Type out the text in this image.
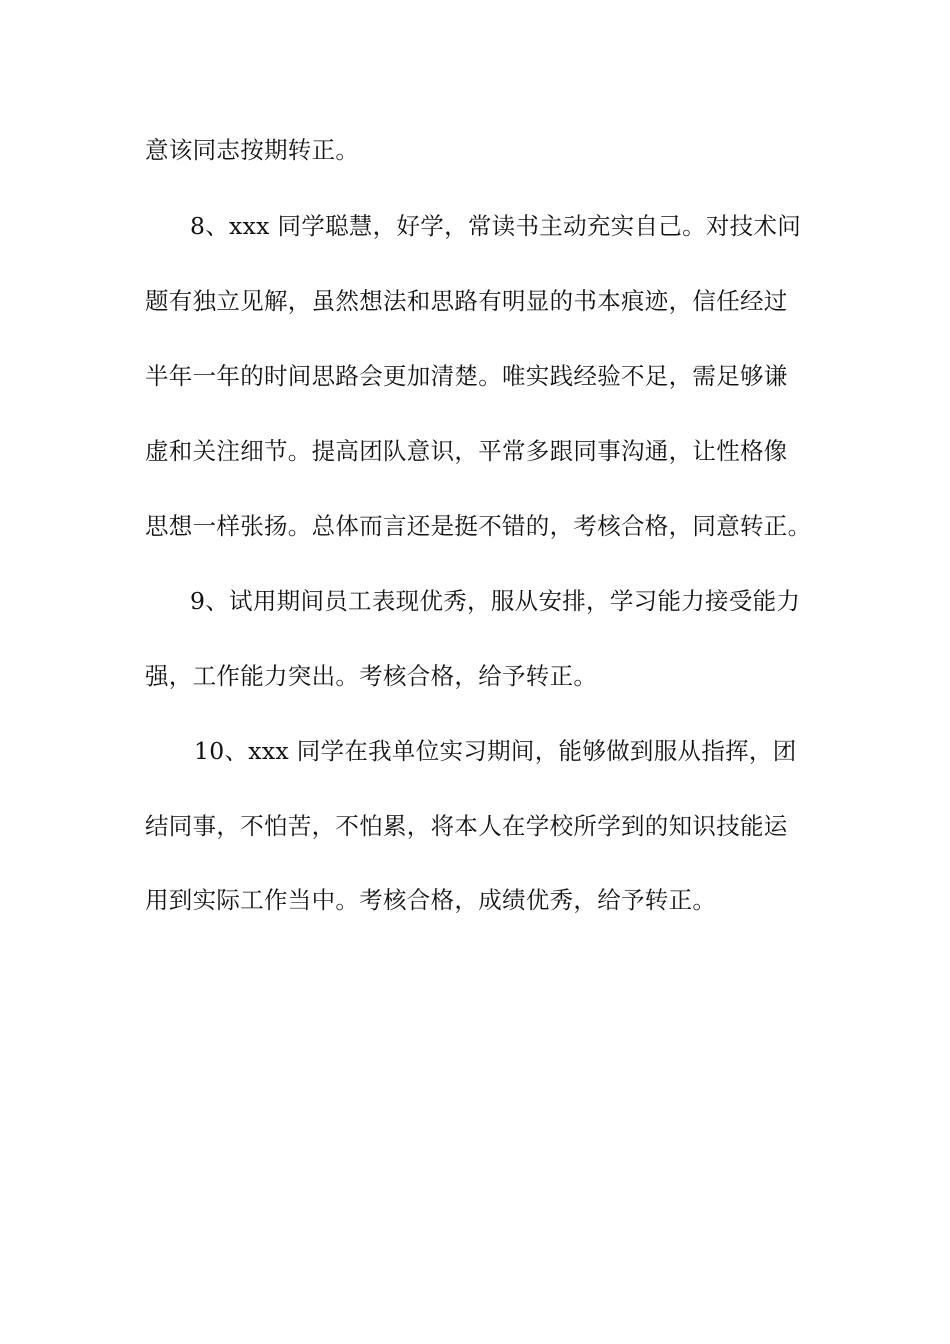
意该同志按期转正。
8、xxx 同学聪慧，好学，常读书主动充实自己。对技术问
题有独立见解，虽然想法和思路有明显的书本痕迹，信任经过
半年一年的时间思路会更加清楚。唯实践经验不足，需足够谦
虚和关注细节。提高团队意识，平常多跟同事沟通，让性格像
思想一样张扬。总体而言还是挺不错的，考核合格，同意转正。
9、试用期间员工表现优秀，服从安排，学习能力接受能力
强，工作能力突出。考核合格，给予转正。
10、xxx 同学在我单位实习期间，能够做到服从指挥，团
结同事，不怕苦，不怕累，将本人在学校所学到的知识技能运
用到实际工作当中。考核合格，成绩优秀，给予转正。
